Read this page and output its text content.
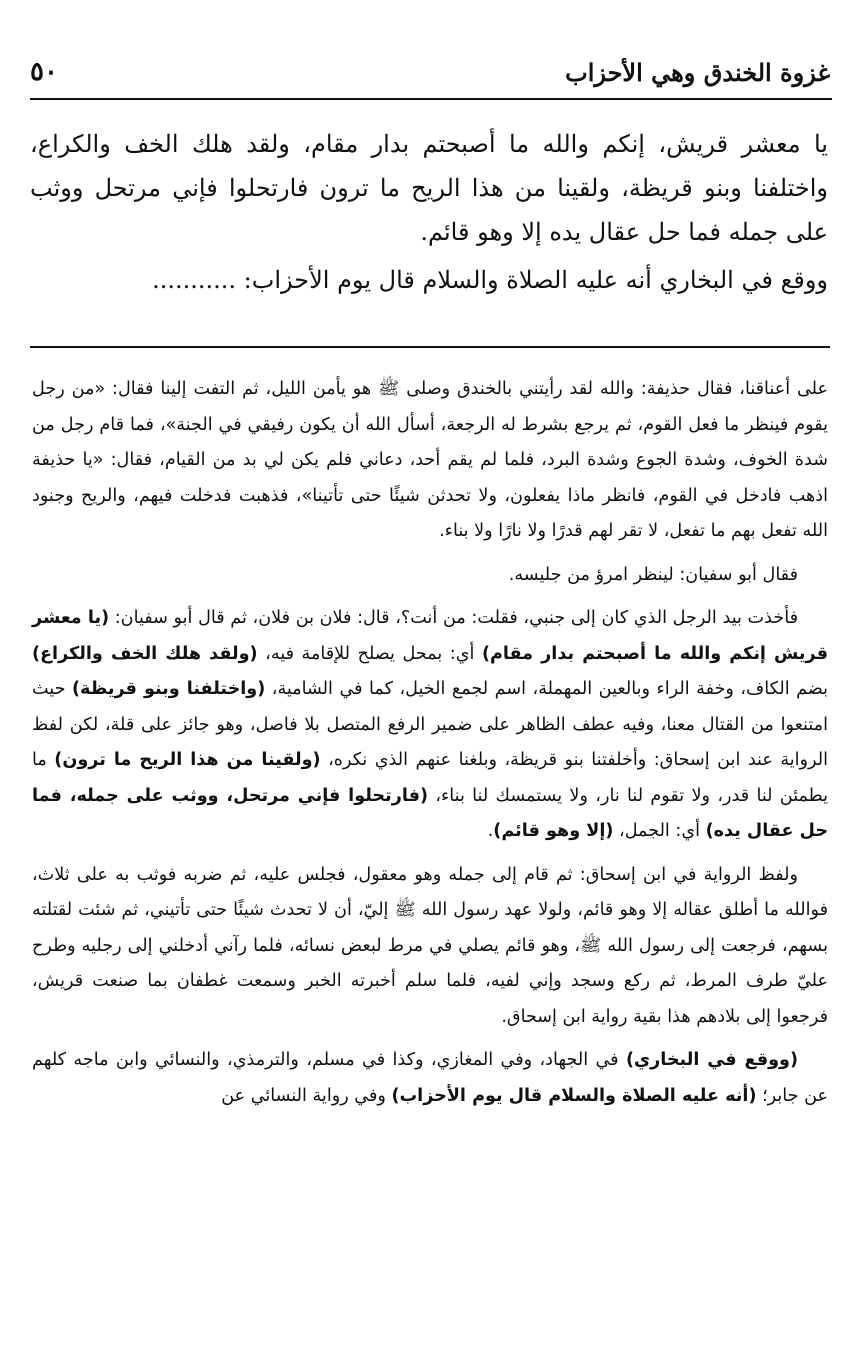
غزوة الخندق وهي الأحزاب
٥٠

يا معشر قريش، إنكم والله ما أصبحتم بدار مقام، ولقد هلك الخف والكراع، واختلفنا وبنو قريظة، ولقينا من هذا الريح ما ترون فارتحلوا فإني مرتحل ووثب على جمله فما حل عقال يده إلا وهو قائم.

ووقع في البخاري أنه عليه الصلاة والسلام قال يوم الأحزاب: ...........‌

على أعناقنا، فقال حذيفة: والله لقد رأيتني بالخندق وصلى ﷺ هو يأمن الليل، ثم التفت إلينا فقال: «من رجل يقوم فينظر ما فعل القوم، ثم يرجع بشرط له الرجعة، أسأل الله أن يكون رفيقي في الجنة»، فما قام رجل من شدة الخوف، وشدة الجوع وشدة البرد، فلما لم يقم أحد، دعاني فلم يكن لي بد من القيام، فقال: «يا حذيفة اذهب فادخل في القوم، فانظر ماذا يفعلون، ولا تحدثن شيئًا حتى تأتينا»، فذهبت فدخلت فيهم، والريح وجنود الله تفعل بهم ما تفعل، لا تقر لهم قدرًا ولا نارًا ولا بناء.

فقال أبو سفيان: لينظر امرؤ من جليسه.

فأخذت بيد الرجل الذي كان إلى جنبي، فقلت: من أنت؟، قال: فلان بن فلان، ثم قال أبو سفيان: (يا معشر قريش إنكم والله ما أصبحتم بدار مقام) أي: بمحل يصلح للإقامة فيه، (ولقد هلك الخف والكراع) بضم الكاف، وخفة الراء وبالعين المهملة، اسم لجمع الخيل، كما في الشامية، (واختلفنا وبنو قريظة) حيث امتنعوا من القتال معنا، وفيه عطف الظاهر على ضمير الرفع المتصل بلا فاصل، وهو جائز على قلة، لكن لفظ الرواية عند ابن إسحاق: وأخلفتنا بنو قريظة، وبلغنا عنهم الذي نكره، (ولقينا من هذا الريح ما ترون) ما يطمئن لنا قدر، ولا تقوم لنا نار، ولا يستمسك لنا بناء، (فارتحلوا فإني مرتحل، ووثب على جمله، فما حل عقال يده) أي: الجمل، (إلا وهو قائم).

ولفظ الرواية في ابن إسحاق: ثم قام إلى جمله وهو معقول، فجلس عليه، ثم ضربه فوثب به على ثلاث، فوالله ما أطلق عقاله إلا وهو قائم، ولولا عهد رسول الله ﷺ إليّ، أن لا تحدث شيئًا حتى تأتيني، ثم شئت لقتلته بسهم، فرجعت إلى رسول الله ﷺ، وهو قائم يصلي في مرط لبعض نسائه، فلما رآني أدخلني إلى رجليه وطرح عليّ طرف المرط، ثم ركع وسجد وإني لفيه، فلما سلم أخبرته الخبر وسمعت غطفان بما صنعت قريش، فرجعوا إلى بلادهم هذا بقية رواية ابن إسحاق.

(ووقع في البخاري) في الجهاد، وفي المغازي، وكذا في مسلم، والترمذي، والنسائي وابن ماجه كلهم عن جابر؛ (أنه عليه الصلاة والسلام قال يوم الأحزاب) وفي رواية النسائي عن
